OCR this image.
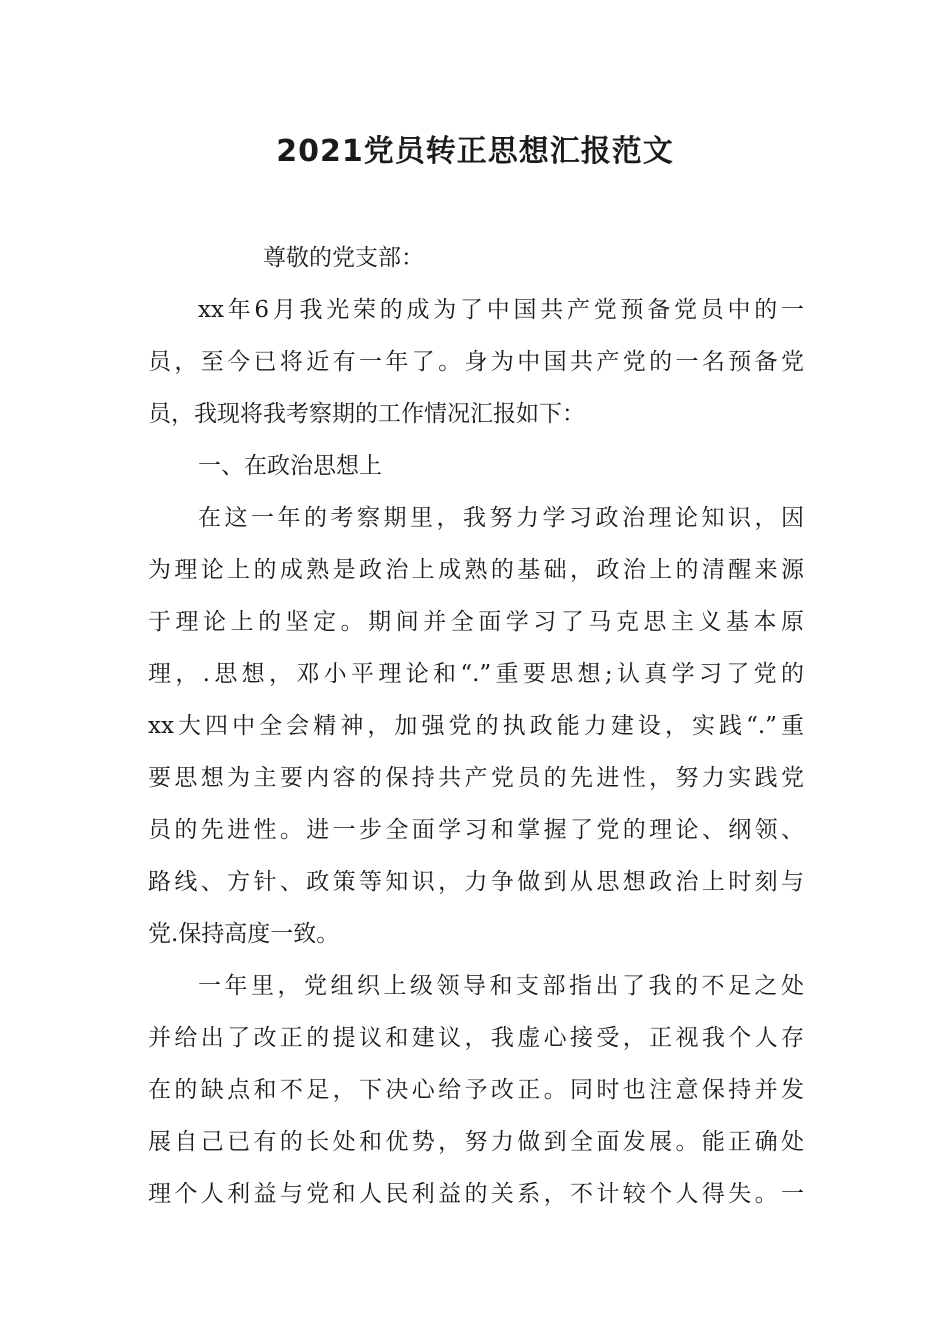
2021党员转正思想汇报范文
尊敬的党支部：
xx年6月我光荣的成为了中国共产党预备党员中的一
员，至今已将近有一年了。身为中国共产党的一名预备党
员，我现将我考察期的工作情况汇报如下：
一、在政治思想上
在这一年的考察期里，我努力学习政治理论知识，因
为理论上的成熟是政治上成熟的基础，政治上的清醒来源
于理论上的坚定。期间并全面学习了马克思主义基本原
理，.思想，邓小平理论和“.”重要思想;认真学习了党的
xx大四中全会精神，加强党的执政能力建设，实践“.”重
要思想为主要内容的保持共产党员的先进性，努力实践党
员的先进性。进一步全面学习和掌握了党的理论、纲领、
路线、方针、政策等知识，力争做到从思想政治上时刻与
党.保持高度一致。
一年里，党组织上级领导和支部指出了我的不足之处
并给出了改正的提议和建议，我虚心接受，正视我个人存
在的缺点和不足，下决心给予改正。同时也注意保持并发
展自己已有的长处和优势，努力做到全面发展。能正确处
理个人利益与党和人民利益的关系，不计较个人得失。一
